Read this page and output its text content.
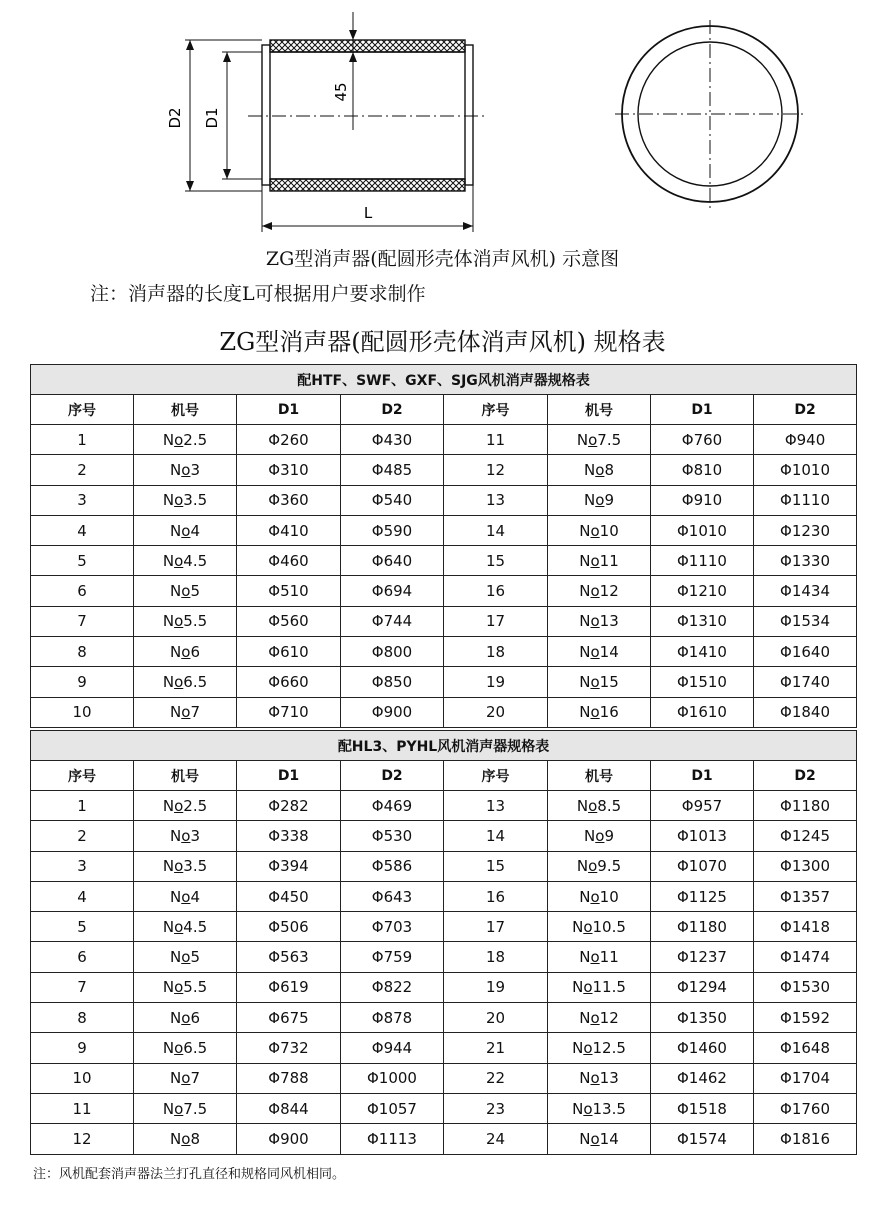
D2 D1
45
L
ZG型消声器(配圆形壳体消声风机) 示意图
注：消声器的长度L可根据用户要求制作
ZG型消声器(配圆形壳体消声风机) 规格表
配HTF、SWF、GXF、SJG风机消声器规格表							
序号	机号	D1	D2	序号	机号	D1	D2
1	No2.5	Φ260	Φ430	11	No7.5	Φ760	Φ940
2	No3	Φ310	Φ485	12	No8	Φ810	Φ1010
3	No3.5	Φ360	Φ540	13	No9	Φ910	Φ1110
4	No4	Φ410	Φ590	14	No10	Φ1010	Φ1230
5	No4.5	Φ460	Φ640	15	No11	Φ1110	Φ1330
6	No5	Φ510	Φ694	16	No12	Φ1210	Φ1434
7	No5.5	Φ560	Φ744	17	No13	Φ1310	Φ1534
8	No6	Φ610	Φ800	18	No14	Φ1410	Φ1640
9	No6.5	Φ660	Φ850	19	No15	Φ1510	Φ1740
10	No7	Φ710	Φ900	20	No16	Φ1610	Φ1840
配HL3、PYHL风机消声器规格表							
序号	机号	D1	D2	序号	机号	D1	D2
1	No2.5	Φ282	Φ469	13	No8.5	Φ957	Φ1180
2	No3	Φ338	Φ530	14	No9	Φ1013	Φ1245
3	No3.5	Φ394	Φ586	15	No9.5	Φ1070	Φ1300
4	No4	Φ450	Φ643	16	No10	Φ1125	Φ1357
5	No4.5	Φ506	Φ703	17	No10.5	Φ1180	Φ1418
6	No5	Φ563	Φ759	18	No11	Φ1237	Φ1474
7	No5.5	Φ619	Φ822	19	No11.5	Φ1294	Φ1530
8	No6	Φ675	Φ878	20	No12	Φ1350	Φ1592
9	No6.5	Φ732	Φ944	21	No12.5	Φ1460	Φ1648
10	No7	Φ788	Φ1000	22	No13	Φ1462	Φ1704
11	No7.5	Φ844	Φ1057	23	No13.5	Φ1518	Φ1760
12	No8	Φ900	Φ1113	24	No14	Φ1574	Φ1816
注：风机配套消声器法兰打孔直径和规格同风机相同。
